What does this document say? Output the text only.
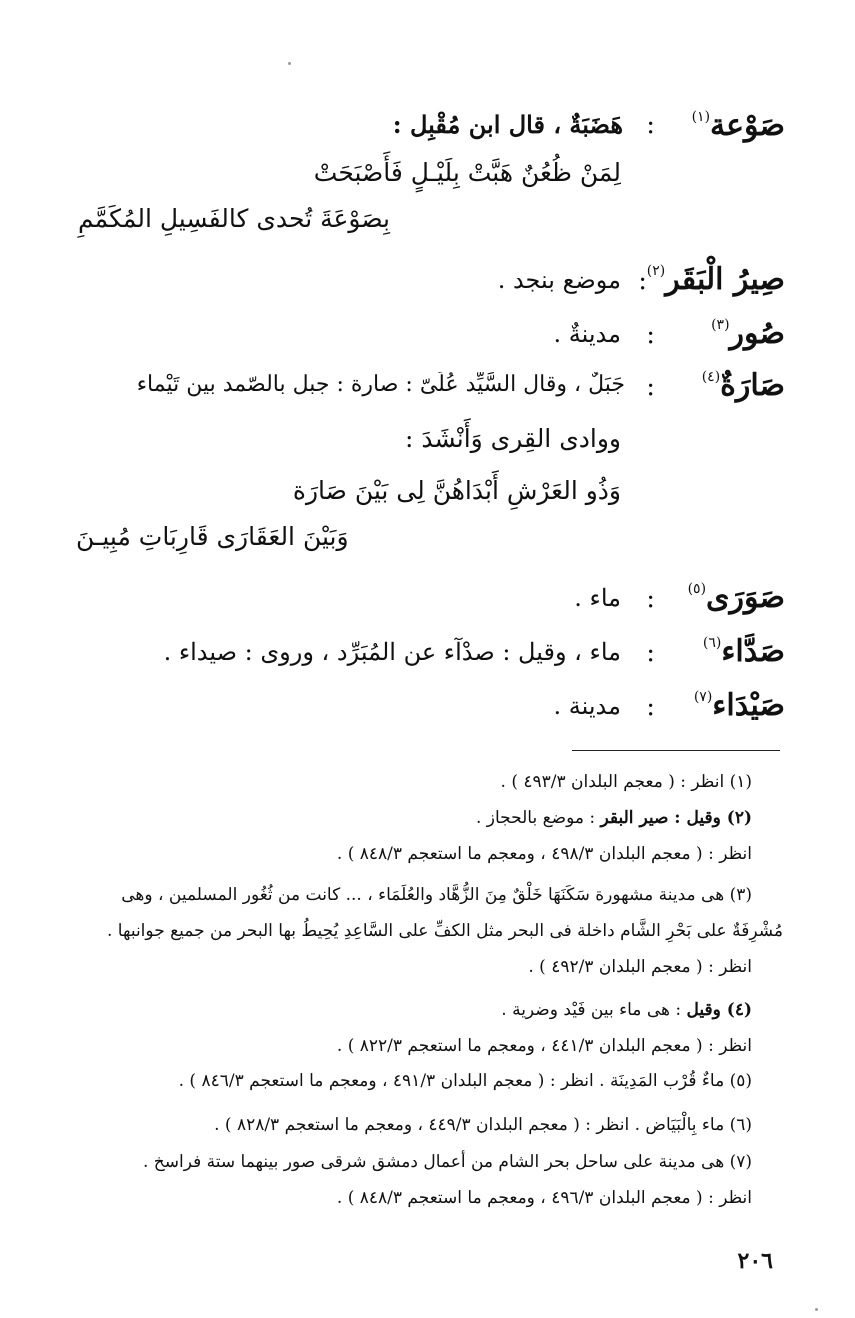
صَوْعة(١)
:
هَضَبَةٌ ، قال ابن مُقْبِل :
لِمَنْ ظُعُنٌ هَبَّتْ بِلَيْـلٍ فَأَصْبَحَتْ
بِصَوْعَةَ تُحدى كالفَسِيلِ المُكَمَّمِ
صِيرُ الْبَقَر(٢)
:
موضع بنجد .
صُور(٣)
:
مدينةٌ .
صَارَةٌ(٤)
:
جَبَلٌ ، وقال السَّيِّد عُلَىّ : صارة : جبل بالصّمد بين تَيْماء
ووادى القِرى وَأَنْشَدَ :
وَذُو العَرْشِ أَبْدَاهُنَّ لِى بَيْنَ صَارَة
وَبَيْنَ العَقَارَى قَارِبَاتِ مُبِيـنَ
صَوَرَى(٥)
:
ماء .
صَدَّاء(٦)
:
ماء ، وقيل : صدْآء عن المُبَرِّد ، وروى : صيداء .
صَيْدَاء(٧)
:
مدينة .
(١) انظر : ( معجم البلدان ٤٩٣/٣ ) .
(٢) وقيل : صير البقر : موضع بالحجاز .
انظر : ( معجم البلدان ٤٩٨/٣ ، ومعجم ما استعجم ٨٤٨/٣ ) .
(٣) هى مدينة مشهورة سَكَنَهَا خَلْقٌ مِنَ الزُّهَّاد والعُلَمَاء ، ... كانت من ثُغُور المسلمين ، وهى
مُشْرِفَةٌ على بَحْرِ الشَّام داخلة فى البحر مثل الكفِّ على السَّاعِدِ يُحِيطُ بها البحر من جميع جوانبها .
انظر : ( معجم البلدان ٤٩٢/٣ ) .
(٤) وقيل : هى ماء بين فَيْد وضرية .
انظر : ( معجم البلدان ٤٤١/٣ ، ومعجم ما استعجم ٨٢٢/٣ ) .
(٥) ماءٌ قُرْب المَدِينَة . انظر : ( معجم البلدان ٤٩١/٣ ، ومعجم ما استعجم ٨٤٦/٣ ) .
(٦) ماء بِالْبَيَاض . انظر : ( معجم البلدان ٤٤٩/٣ ، ومعجم ما استعجم ٨٢٨/٣ ) .
(٧) هى مدينة على ساحل بحر الشام من أعمال دمشق شرقى صور بينهما ستة فراسخ .
انظر : ( معجم البلدان ٤٩٦/٣ ، ومعجم ما استعجم ٨٤٨/٣ ) .
٢٠٦
